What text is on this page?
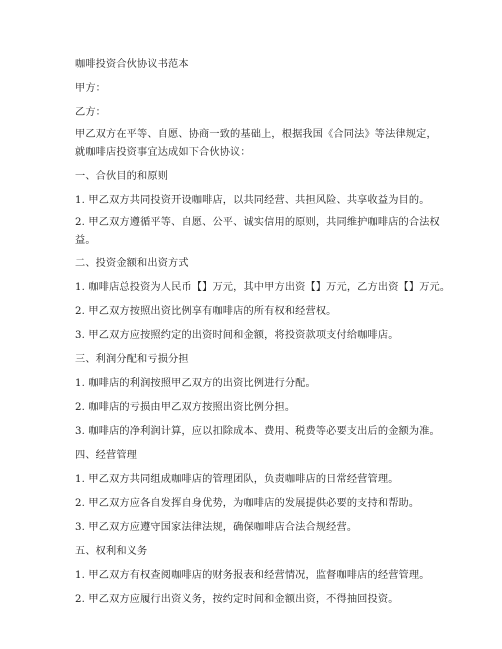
咖啡投资合伙协议书范本
甲方：
乙方：
甲乙双方在平等、自愿、协商一致的基础上，根据我国《合同法》等法律规定，就咖啡店投资事宜达成如下合伙协议：
一、合伙目的和原则
1. 甲乙双方共同投资开设咖啡店，以共同经营、共担风险、共享收益为目的。
2. 甲乙双方遵循平等、自愿、公平、诚实信用的原则，共同维护咖啡店的合法权益。
二、投资金额和出资方式
1. 咖啡店总投资为人民币【】万元，其中甲方出资【】万元，乙方出资【】万元。
2. 甲乙双方按照出资比例享有咖啡店的所有权和经营权。
3. 甲乙双方应按照约定的出资时间和金额，将投资款项支付给咖啡店。
三、利润分配和亏损分担
1. 咖啡店的利润按照甲乙双方的出资比例进行分配。
2. 咖啡店的亏损由甲乙双方按照出资比例分担。
3. 咖啡店的净利润计算，应以扣除成本、费用、税费等必要支出后的金额为准。
四、经营管理
1. 甲乙双方共同组成咖啡店的管理团队，负责咖啡店的日常经营管理。
2. 甲乙双方应各自发挥自身优势，为咖啡店的发展提供必要的支持和帮助。
3. 甲乙双方应遵守国家法律法规，确保咖啡店合法合规经营。
五、权利和义务
1. 甲乙双方有权查阅咖啡店的财务报表和经营情况，监督咖啡店的经营管理。
2. 甲乙双方应履行出资义务，按约定时间和金额出资，不得抽回投资。
